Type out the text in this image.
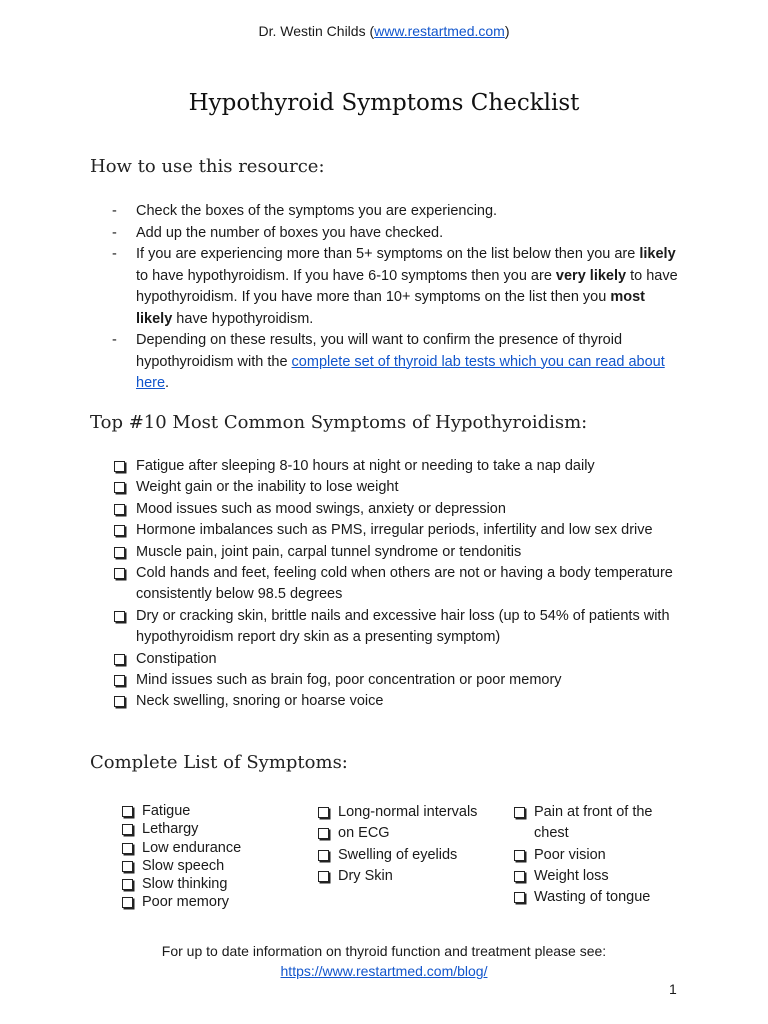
Dr. Westin Childs (www.restartmed.com)
Hypothyroid Symptoms Checklist
How to use this resource:
- Check the boxes of the symptoms you are experiencing.
- Add up the number of boxes you have checked.
- If you are experiencing more than 5+ symptoms on the list below then you are likely to have hypothyroidism. If you have 6-10 symptoms then you are very likely to have hypothyroidism. If you have more than 10+ symptoms on the list then you most likely have hypothyroidism.
- Depending on these results, you will want to confirm the presence of thyroid hypothyroidism with the complete set of thyroid lab tests which you can read about here.
Top #10 Most Common Symptoms of Hypothyroidism:
Fatigue after sleeping 8-10 hours at night or needing to take a nap daily
Weight gain or the inability to lose weight
Mood issues such as mood swings, anxiety or depression
Hormone imbalances such as PMS, irregular periods, infertility and low sex drive
Muscle pain, joint pain, carpal tunnel syndrome or tendonitis
Cold hands and feet, feeling cold when others are not or having a body temperature consistently below 98.5 degrees
Dry or cracking skin, brittle nails and excessive hair loss (up to 54% of patients with hypothyroidism report dry skin as a presenting symptom)
Constipation
Mind issues such as brain fog, poor concentration or poor memory
Neck swelling, snoring or hoarse voice
Complete List of Symptoms:
Fatigue
Lethargy
Low endurance
Slow speech
Slow thinking
Poor memory
Long-normal intervals
on ECG
Swelling of eyelids
Dry Skin
Pain at front of the chest
Poor vision
Weight loss
Wasting of tongue
For up to date information on thyroid function and treatment please see:
https://www.restartmed.com/blog/
1
